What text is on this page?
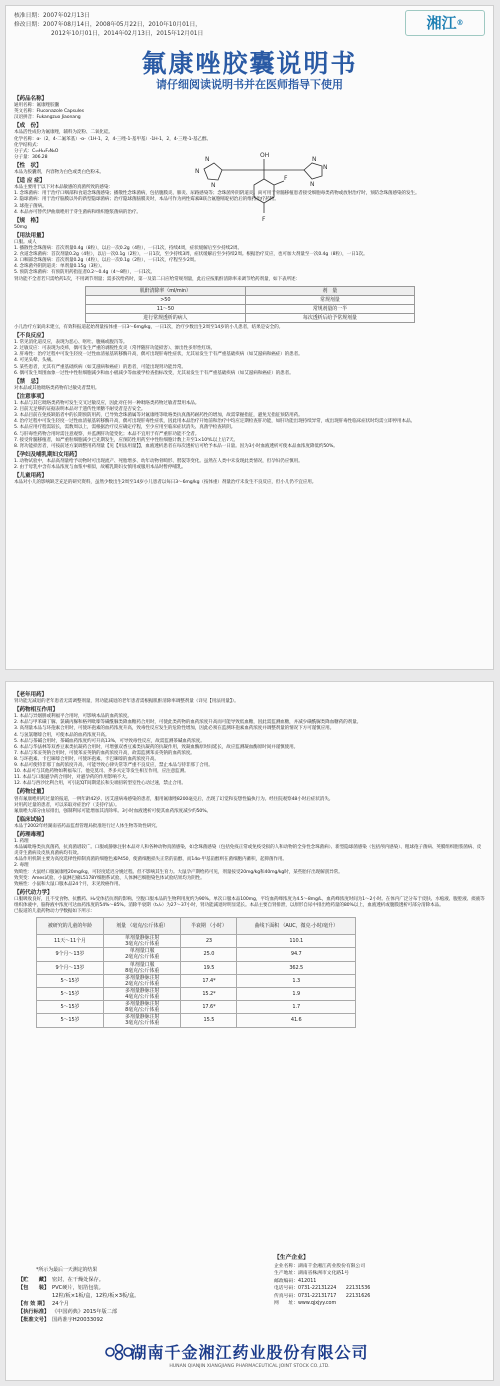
核准日期：2007年02月13日
修改日期：2007年08月14日，2008年05月22日，2010年10月01日，
2012年10月01日，2014年02月13日，2015年12月01日
湘江®
氟康唑胶囊说明书
请仔细阅读说明书并在医师指导下使用
N
N
N
OH
F
F
N
N
N
【药品名称】

通用名称：氟康唑胶囊

英文名称：Fluconazole Capsules

汉语拼音：Fukangzuo Jiaonang

【成　份】

本品活性成份为氟康唑，辅料为淀粉、二氧化硅。

化学名称：α-（2，4-二氟苯基）-α-（1H-1，2，4-三唑-1-基甲基）-1H-1，2，4-三唑-1-基乙醇。

化学结构式：

分子式：C₁₃H₁₂F₂N₆O

分子量：306.28

【性　状】

本品为胶囊剂，内容物为白色或类白色粉末。

【适 应 症】

本品主要用于以下对本品敏感的真菌所致的感染：

1. 念珠菌病：用于治疗口咽部和食道念珠菌感染；播散性念珠菌病，包括腹膜炎、肺炎、尿路感染等；念珠菌外阴阴道炎。尚可用于骨髓移植患者接受细胞毒类药物或放射治疗时，预防念珠菌感染的发生。

2. 隐球菌病：用于治疗脑膜以外的新型隐球菌病；治疗隐球菌脑膜炎时，本品可作为两性霉素B联合氟胞嘧啶初治后的维持治疗药物。

3. 球孢子菌病。

4. 本品亦可替代伊曲康唑用于芽生菌病和组织胞浆菌病的治疗。

【规　格】

50mg

【用法用量】

口服。成人

1. 播散性念珠菌病：首次剂量0.4g（8粒），以后一次0.2g（4粒），一日1次，持续4周，症状缓解后至少持续2周。

2. 食道念珠菌病：首次剂量0.2g（4粒），以后一次0.1g（2粒），一日1次，至少持续3周，症状缓解后至少持续2周。根据治疗反应，也可加大剂量至一次0.4g（8粒），一日1次。

3. 口咽部念珠菌病：首次剂量0.2g（4粒），以后一次0.1g（2粒），一日1次，疗程至少2周。

4. 念珠菌外阴阴道炎：单剂量0.15g（3粒）。

5. 预防念珠菌病：有预防用药指征者0.2～0.4g（4～8粒），一日1次。

肾功能不全者若只需给药1次，不用调节剂量；需多次给药时，第一及第二日应给常规剂量，此后应按肌酐清除率来调节给药剂量，如下表所述：

肌酐清除率（ml/min）	剂　量
>50	常规剂量
11～50	常规剂量的一半
进行常规透析的病人	每次透析后给予常规剂量

小儿治疗方案尚未建立，有效科报道起始剂量按体重一日3～6mg/kg，一日1次，治疗少数出生2周至14岁的小儿患者，结果是安全的。

【不良反应】

1. 常见消化道反应，表现为恶心、呕吐、腹痛或腹泻等。

2. 过敏反应：可表现为皮疹，偶可发生严重的剥脱性皮炎（常伴随肝功能损害）、渗出性多形性红斑。

3. 肝毒性：治疗过程中可发生轻度一过性血清氨基转移酶升高，偶可出现肝毒性症状，尤其易发生于有严重基础疾病（如艾滋病和癌症）的患者。

4. 可见头晕、头痛。

5. 某些患者，尤其有严重基础疾病（如艾滋病和癌症）的患者，可能出现肾功能异常。

6. 偶可发生周围血象一过性中性粒细胞减少和血小板减少等血液学检查指标改变，尤其易发生于有严重基础疾病（如艾滋病和癌症）的患者。

【禁　忌】

对本品或其他吡咯类药物有过敏史者禁用。

【注意事项】

1. 本品与其它吡咯类药物可发生交叉过敏反应，因此对任何一种吡咯类药物过敏者禁用本品。

2. 目前无足够的证据表明本品对于遗传性果糖不耐受者是否安全。

3. 本品目前在免疫缺陷者中的长期预防用药，已导致念珠菌属等对氟康唑等吡咯类抗真菌药耐药性的增加，故需掌握指征，避免无指征预防用药。

4. 治疗过程中可发生轻度一过性血清氨基转移酶升高，偶可出现肝毒性症状，因此用本品治疗开始前和治疗中均应定期检查肝功能，如肝功能出现持续异常，或出现肝毒性临床症状时均需立即停用本品。

5. 本品应用疗程需较长，需数周以上，需根据治疗反应确定疗程，至少应用至临床症状消失、真菌学检查转阴。

6. 与肝毒性药物合用时需注意观察，并监测肝功能变化；本品不宜用于有严重肝功能不全者。

7. 接受骨髓移植者，如严重粒细胞减少已先期发生，应预防性用药至中性粒细胞计数上升至1×10⁹/L以上后7天。

8. 肾功能损害者，可按前述方案调整用药剂量【见【用法用量】】，血液透析患者在每次透析后可给予本品一日量。因为3小时血液透析可使本品血浓度降低约50%。

【孕妇及哺乳期妇女用药】

1. 动物试验中，本品高剂量给予动物时可出现流产、死胎增多、幼年动物骨畸形、腭裂等变化。虽然在人类中未发现此类情况，但孕妇仍应慎用。

2. 由于母乳中含有本品浓度与血浆中相似，故哺乳期妇女慎用或服用本品时暂停哺乳。

【儿童用药】

本品对小儿的影响缺乏充足的研究资料，虽然少数出生2周至14岁小儿患者以每日3～6mg/kg（按体重）剂量治疗未发生不良反应，但小儿仍不宜应用。

【老年用药】

肾功能无减退的老年患者无需调整剂量，肾功能减退的老年患者需根据肌酐清除率调整剂量（详见【用法用量】）。

【药物相互作用】

1. 本品与异烟肼或利福平合用时，可影响本品的血药浓度。

2. 本品与甲苯磺丁脲、氯磺丙脲和格列吡嗪等磺酰脲类降血糖药合用时，可使此类药物的血药浓度升高而可能导致低血糖，因此需监测血糖，并减少磺酰脲类降血糖药的剂量。

3. 高剂量本品与环孢素合用时，可使环孢素的血药浓度升高，致毒性反应发生的危险性增加，因此必须在监测环孢素血药浓度并调整剂量的情况下方可谨慎应用。

4. 与氢氯噻嗪合用，可使本品的血药浓度升高。

5. 本品与茶碱合用时，茶碱血药浓度约可升高13%，可导致毒性反应，故需监测茶碱血药浓度。

6. 本品与华法林等双香豆素类抗凝药合用时，可增强双香豆素类抗凝药的抗凝作用，致凝血酶原时间延长，故应监测凝血酶原时间并谨慎使用。

7. 本品与苯妥英钠合用时，可使苯妥英钠的血药浓度升高，故需监测苯妥英钠的血药浓度。

8. 与环孢素、卡巴咪嗪合用时，可使环孢素、卡巴咪嗪的血药浓度升高。

9. 本品可使特非那丁血药浓度升高，可能导致心律失常等严重不良反应，禁止本品与特非那丁合用。

10. 本品可与其他药物如利福布汀、他克莫司、齐多夫定等发生相互作用，应注意监测。

11. 本品与口服避孕药合用时，对避孕药的作用影响不大。

12. 本品与西沙比利合用，可引起QT间期延长和尖端扭转型室性心动过速，禁止合用。

【药物过量】

曾有氟康唑用药过量的报道，一例年龄42岁、因艾滋病毒感染的患者，服用氟康唑8200毫克后，出现了幻觉和妄想性偏执行为。经住院观察48小时后症状消失。

对用药过量的患者，可以采取对症治疗（支持疗法）。

氟康唑大部分由尿排出，强制利尿可能增加其清除率。3小时血液透析可使其血药浓度减少约50%。

【临床试验】

本品于2002年经湖南省药品监督管理局批准进行过人体生物等效性研究。

【药理毒理】

1. 药理

本品属吡咯类抗真菌药，抗真菌谱较广。口服或静脉注射本品对人和各种动物真菌感染，如念珠菌感染（包括免疫正常或免疫受损的人和动物的全身性念珠菌病）、新型隐球菌感染（包括颅内感染）、粗球孢子菌病、荚膜组织胞浆菌病、皮炎芽生菌病及皮肤真菌病均有效。

本品作用机制主要为高度选择性抑制真菌的细胞色素P450，使菌细胞损失正常的甾醇，而14α-甲基甾醇则在菌细胞内蓄积，起抑菌作用。

2. 毒理

致畸性：大鼠经口服氟康唑20mg/kg，可轻度延迟分娩过程。但不影响其生育力。大鼠孕产期给药可见，剂量按受20mg/kg和40mg/kg时，某些胎仔出现解剖异常。

致突变：Ames试验、小鼠淋巴瘤L5178Y细胞系试验、人体淋巴细胞染色体试验结果均为阴性。

致癌性：小鼠和大鼠口服本品24个月，未见致癌作用。

【药代动力学】

口服吸收良好，且不受食物、抗酸药、H₂受体拮抗剂的影响。空腹口服本品的生物利用度约为90%。单次口服本品100mg，平均血药峰浓度为4.5～8mg/L，血药峰浓度时间为1～2小时。在体内广泛分布于皮肤、水疱液、腹腔液、痰液等组织体液中，脑脊液中浓度可达血药浓度的54%～85%。消除半衰期（t₁/₂）为27～37小时，肾功能减退时明显延长。本品主要自肾排泄，以原形自尿中排出给药量的80%以上，血液透析或腹膜透析可部分清除本品。

已报道的儿童药物动力学数据如下所示：

被研究的儿童的年龄	剂量 （毫克/公斤体重）	半衰期 （小时）	曲线下面积 （AUC，微克·小时/毫升）
11天～11个月	单剂量静脉注射
3毫克/公斤体重	23	110.1
9个月～13岁	单剂量口服
2毫克/公斤体重	25.0	94.7
9个月～13岁	单剂量口服
8毫克/公斤体重	19.5	362.5
5～15岁	多剂量静脉注射
2毫克/公斤体重	17.4*	1.3
5～15岁	多剂量静脉注射
4毫克/公斤体重	15.2*	1.9
5～15岁	多剂量静脉注射
8毫克/公斤体重	17.6*	1.7
5～15岁	多剂量静脉注射
3毫克/公斤体重	15.5	41.6
*所示为最后一天测定的结果
【生产企业】
企业名称：湖南千金湘江药业股份有限公司
生产地址：湖南省株洲市文化路1号
邮政编码：412011
电话号码：0731-22131224　　22131536
传真号码：0731-22131717　　22131626
网　　址：www.qjxjyy.com
【贮　　藏】 密封，在干燥处保存。
【包　　装】 PVC硬片，铝箔包装。
12粒/板×1板/盒，12粒/板×3板/盒。
【有 效 期】 24个月
【执行标准】 《中国药典》2015年版二部
【批准文号】 国药准字H20033092
湖南千金湘江药业股份有限公司
HUNAN QIANJIN XIANGJIANG PHARMACEUTICAL JOINT STOCK CO.,LTD.
